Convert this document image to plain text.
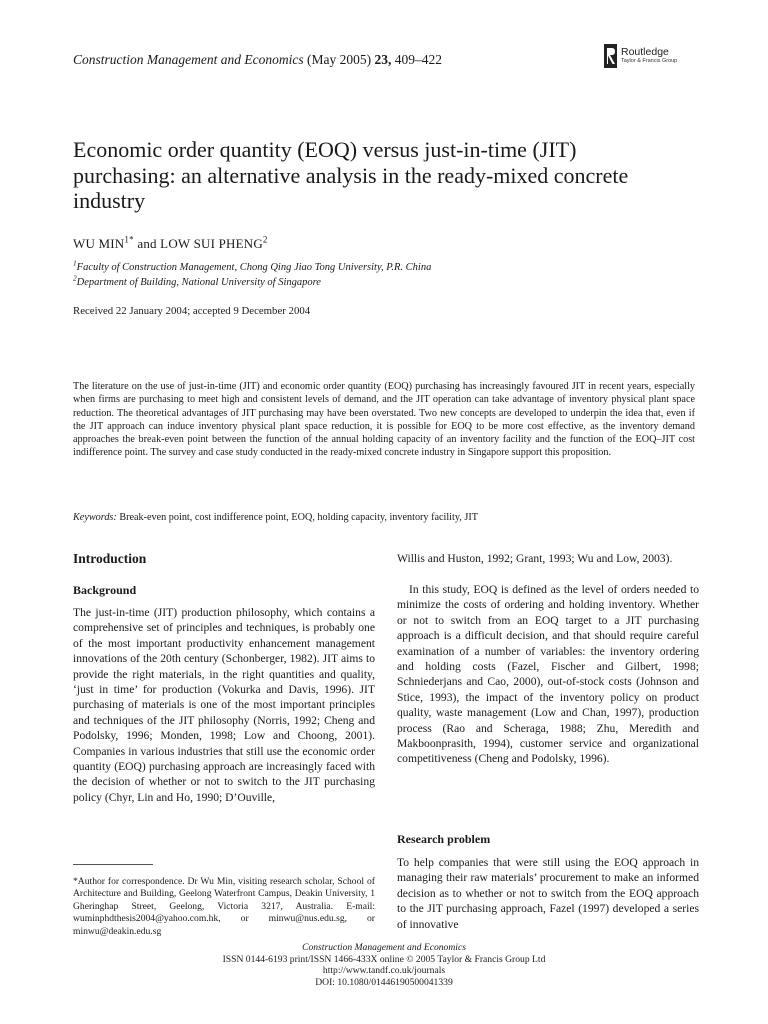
Construction Management and Economics (May 2005) 23, 409–422	Routledge
Taylor & Francis Group
Economic order quantity (EOQ) versus just-in-time (JIT) purchasing: an alternative analysis in the ready-mixed concrete industry
WU $MIN^{1*}$ and LOW SUI PHENG$^2$
$^1$Faculty of Construction Management, Chong Qing Jiao Tong University, P.R. China
$^2$Department of Building, National University of Singapore
Received 22 January 2004; accepted 9 December 2004
The literature on the use of just-in-time (JIT) and economic order quantity (EOQ) purchasing has increasingly favoured JIT in recent years, especially when firms are purchasing to meet high and consistent levels of demand, and the JIT operation can take advantage of inventory physical plant space reduction. The theoretical advantages of JIT purchasing may have been overstated. Two new concepts are developed to underpin the idea that, even if the JIT approach can induce inventory physical plant space reduction, it is possible for EOQ to be more cost effective, as the inventory demand approaches the break-even point between the function of the annual holding capacity of an inventory facility and the function of the EOQ–JIT cost indifference point. The survey and case study conducted in the ready-mixed concrete industry in Singapore support this proposition.
Keywords: Break-even point, cost indifference point, EOQ, holding capacity, inventory facility, JIT
Introduction
Background
The just-in-time (JIT) production philosophy, which contains a comprehensive set of principles and techniques, is probably one of the most important productivity enhancement management innovations of the 20th century (Schonberger, 1982). JIT aims to provide the right materials, in the right quantities and quality, ‘just in time’ for production (Vokurka and Davis, 1996). JIT purchasing of materials is one of the most important principles and techniques of the JIT philosophy (Norris, 1992; Cheng and Podolsky, 1996; Monden, 1998; Low and Choong, 2001). Companies in various industries that still use the economic order quantity (EOQ) purchasing approach are increasingly faced with the decision of whether or not to switch to the JIT purchasing policy (Chyr, Lin and Ho, 1990; D’Ouville,
*Author for correspondence. Dr Wu Min, visiting research scholar, School of Architecture and Building, Geelong Waterfront Campus, Deakin University, 1 Gheringhap Street, Geelong, Victoria 3217, Australia. E-mail: wuminphdthesis2004@yahoo.com.hk, or minwu@nus.edu.sg, or minwu@deakin.edu.sg
Willis and Huston, 1992; Grant, 1993; Wu and Low, 2003).
In this study, EOQ is defined as the level of orders needed to minimize the costs of ordering and holding inventory. Whether or not to switch from an EOQ target to a JIT purchasing approach is a difficult decision, and that should require careful examination of a number of variables: the inventory ordering and holding costs (Fazel, Fischer and Gilbert, 1998; Schniederjans and Cao, 2000), out-of-stock costs (Johnson and Stice, 1993), the impact of the inventory policy on product quality, waste management (Low and Chan, 1997), production process (Rao and Scheraga, 1988; Zhu, Meredith and Makboonprasith, 1994), customer service and organizational competitiveness (Cheng and Podolsky, 1996).
Research problem
To help companies that were still using the EOQ approach in managing their raw materials’ procurement to make an informed decision as to whether or not to switch from the EOQ approach to the JIT purchasing approach, Fazel (1997) developed a series of innovative
Construction Management and Economics
ISSN 0144-6193 print/ISSN 1466-433X online © 2005 Taylor & Francis Group Ltd
http://www.tandf.co.uk/journals
DOI: 10.1080/01446190500041339
